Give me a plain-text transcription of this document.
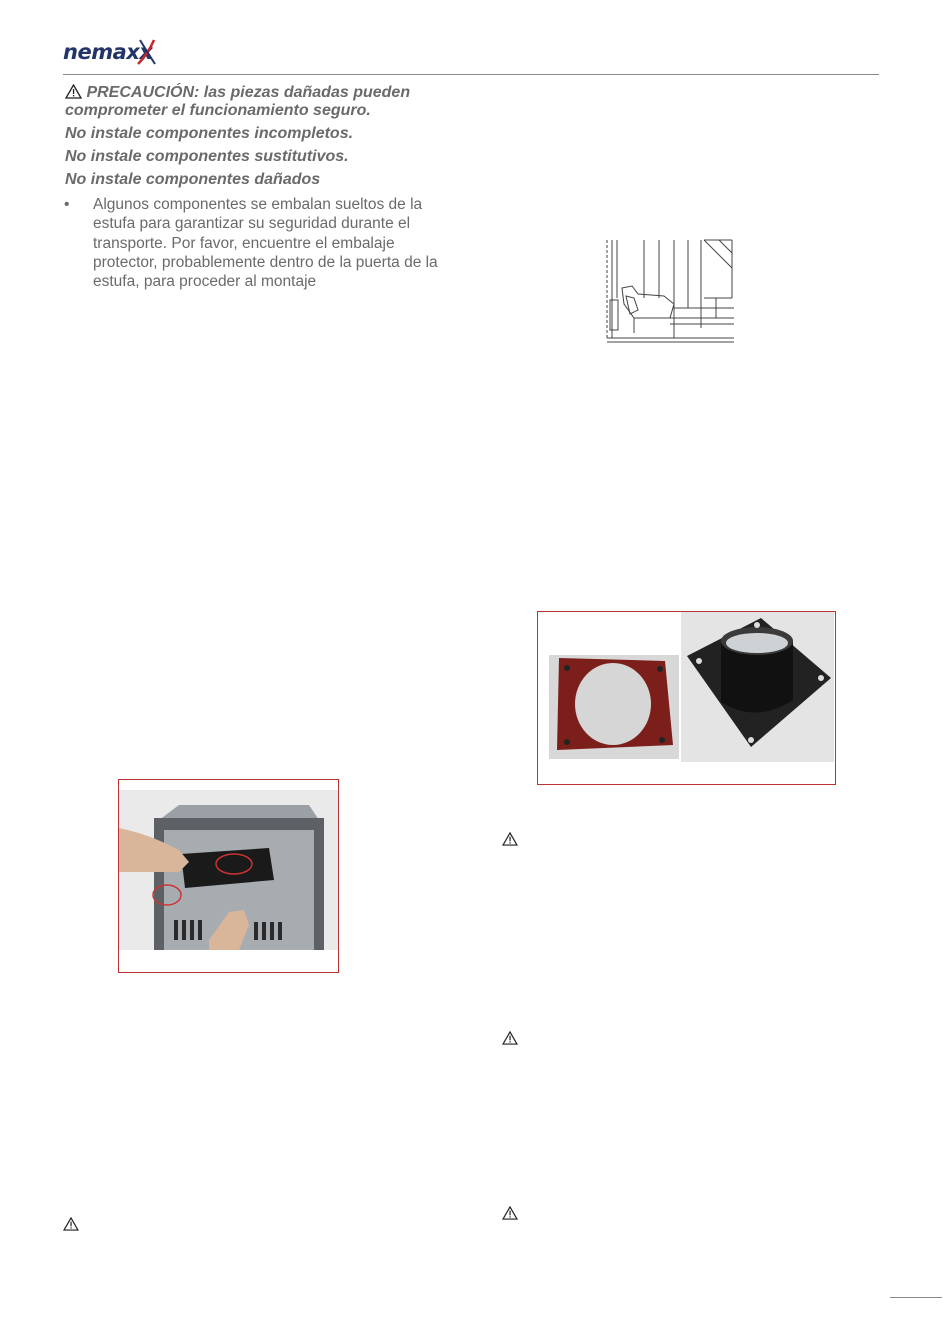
nemaxx
PRECAUCIÓN: las piezas dañadas pueden
comprometer el funcionamiento seguro.
No instale componentes incompletos.
No instale componentes sustitutivos.
No instale componentes dañados
• Algunos componentes se embalan sueltos de la estufa para garantizar su seguridad durante el transporte. Por favor, encuentre el embalaje protector, probablemente dentro de la puerta de la estufa, para proceder al montaje
